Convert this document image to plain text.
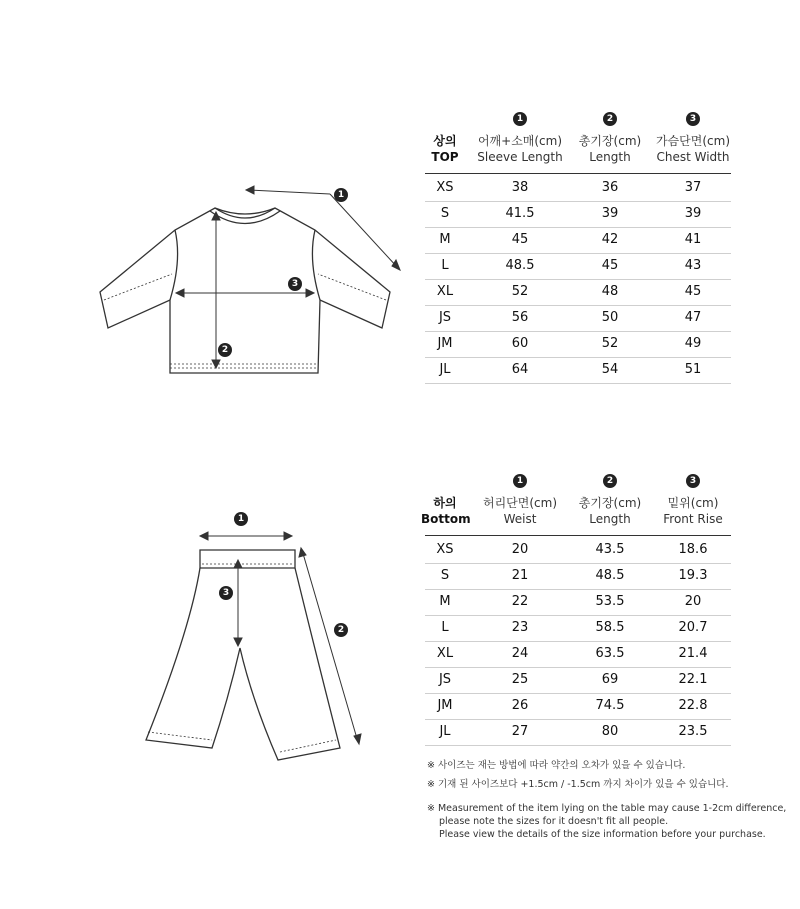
1
2
3
1	2	3
상의
TOP
어깨+소매(cm)
Sleeve Length
총기장(cm)
Length
가슴단면(cm)
Chest Width
XS	38	36	37
S	41.5	39	39
M	45	42	41
L	48.5	45	43
XL	52	48	45
JS	56	50	47
JM	60	52	49
JL	64	54	51
1
2
3
1	2	3
하의
Bottom
허리단면(cm)
Weist
총기장(cm)
Length
밑위(cm)
Front Rise
XS	20	43.5	18.6
S	21	48.5	19.3
M	22	53.5	20
L	23	58.5	20.7
XL	24	63.5	21.4
JS	25	69	22.1
JM	26	74.5	22.8
JL	27	80	23.5
※ 사이즈는 재는 방법에 따라 약간의 오차가 있을 수 있습니다.
※ 기재 된 사이즈보다 +1.5cm / -1.5cm 까지 차이가 있을 수 있습니다.
※ Measurement of the item lying on the table may cause 1-2cm difference,
please note the sizes for it doesn't fit all people.
Please view the details of the size information before your purchase.
